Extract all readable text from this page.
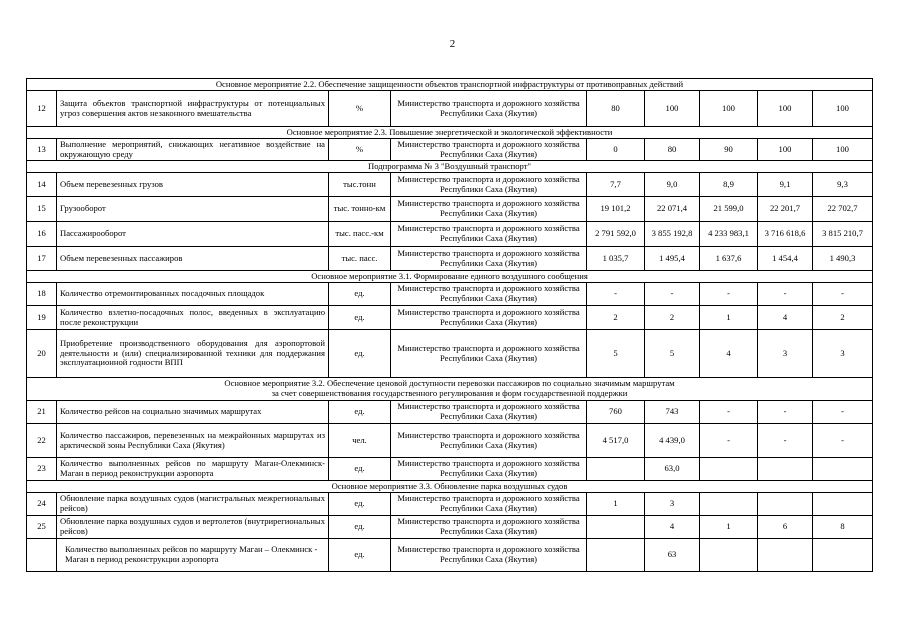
2
Основное мероприятие 2.2. Обеспечение защищенности объектов транспортной инфраструктуры от противоправных действий								
12	Защита объектов транспортной инфраструктуры от потенциальных угроз совершения актов незаконного вмешательства	%	Министерство транспорта и дорожного хозяйства Республики Саха (Якутия)	80	100	100	100	100
Основное мероприятие 2.3. Повышение энергетической и экологической эффективности								
13	Выполнение мероприятий, снижающих негативное воздействие на окружающую среду	%	Министерство транспорта и дорожного хозяйства Республики Саха (Якутия)	0	80	90	100	100
Подпрограмма № 3 "Воздушный транспорт"								
14	Объем перевезенных грузов	тыс.тонн	Министерство транспорта и дорожного хозяйства Республики Саха (Якутия)	7,7	9,0	8,9	9,1	9,3
15	Грузооборот	тыс. тонно-км	Министерство транспорта и дорожного хозяйства Республики Саха (Якутия)	19 101,2	22 071,4	21 599,0	22 201,7	22 702,7
16	Пассажирооборот	тыс. пасс.-км	Министерство транспорта и дорожного хозяйства Республики Саха (Якутия)	2 791 592,0	3 855 192,8	4 233 983,1	3 716 618,6	3 815 210,7
17	Объем перевезенных пассажиров	тыс. пасс.	Министерство транспорта и дорожного хозяйства Республики Саха (Якутия)	1 035,7	1 495,4	1 637,6	1 454,4	1 490,3
Основное мероприятие 3.1. Формирование единого воздушного сообщения								
18	Количество отремонтированных посадочных площадок	ед.	Министерство транспорта и дорожного хозяйства Республики Саха (Якутия)	-	-	-	-	-
19	Количество взлетно-посадочных полос, введенных в эксплуатацию после реконструкции	ед.	Министерство транспорта и дорожного хозяйства Республики Саха (Якутия)	2	2	1	4	2
20	Приобретение производственного оборудования для аэропортовой деятельности и (или) специализированной техники для поддержания эксплуатационной годности ВПП	ед.	Министерство транспорта и дорожного хозяйства Республики Саха (Якутия)	5	5	4	3	3

Основное мероприятие 3.2. Обеспечение ценовой доступности перевозки пассажиров по социально значимым маршрутам
за счет совершенствования государственного регулирования и форм государственной поддержки								

21	Количество рейсов на социально значимых маршрутах	ед.	Министерство транспорта и дорожного хозяйства Республики Саха (Якутия)	760	743	-	-	-
22	Количество пассажиров, перевезенных на межрайонных маршрутах из арктической зоны Республики Саха (Якутия)	чел.	Министерство транспорта и дорожного хозяйства Республики Саха (Якутия)	4 517,0	4 439,0	-	-	-
23	Количество выполненных рейсов по маршруту Маган-Олекминск-Маган в период реконструкции аэропорта	ед.	Министерство транспорта и дорожного хозяйства Республики Саха (Якутия)		63,0			
Основное мероприятие 3.3. Обновление парка воздушных судов								
24	Обновление парка воздушных судов (магистральных межрегиональных рейсов)	ед.	Министерство транспорта и дорожного хозяйства Республики Саха (Якутия)	1	3			
25	Обновление парка воздушных судов и вертолетов (внутрирегиональных рейсов)	ед.	Министерство транспорта и дорожного хозяйства Республики Саха (Якутия)		4	1	6	8
	Количество выполненных рейсов по маршруту Маган – Олекминск - Маган в период реконструкции аэропорта	ед.	Министерство транспорта и дорожного хозяйства Республики Саха (Якутия)		63			
